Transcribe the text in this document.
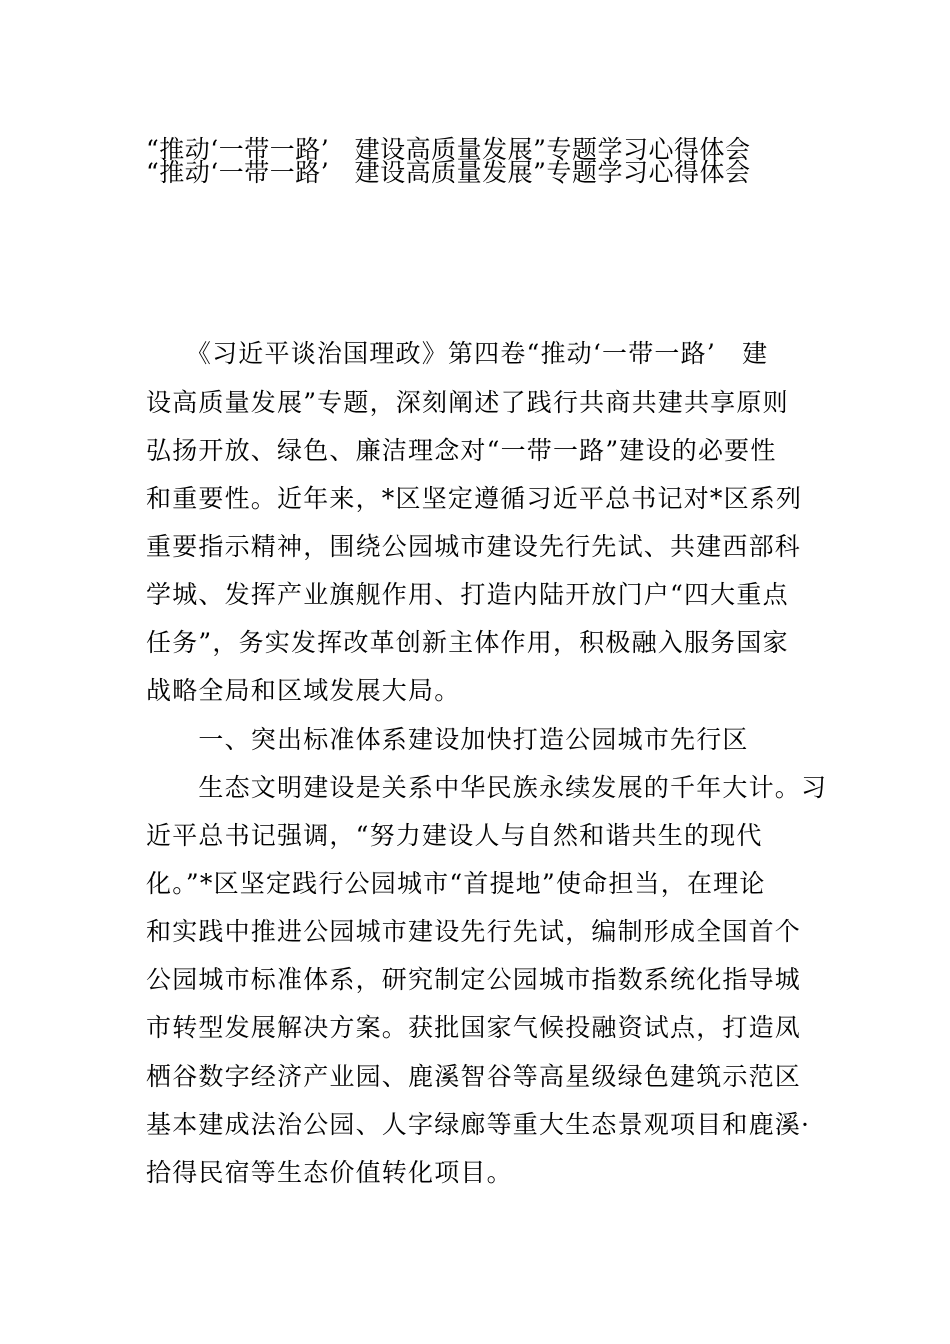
“推动‘一带一路’　建设高质量发展”专题学习心得体会
“推动‘一带一路’　建设高质量发展”专题学习心得体会
　　《习近平谈治国理政》第四卷“推动‘一带一路’　建
设高质量发展”专题，深刻阐述了践行共商共建共享原则
弘扬开放、绿色、廉洁理念对“一带一路”建设的必要性
和重要性。近年来，*区坚定遵循习近平总书记对*区系列
重要指示精神，围绕公园城市建设先行先试、共建西部科
学城、发挥产业旗舰作用、打造内陆开放门户“四大重点
任务”，务实发挥改革创新主体作用，积极融入服务国家
战略全局和区域发展大局。
　　一、突出标准体系建设加快打造公园城市先行区
　　生态文明建设是关系中华民族永续发展的千年大计。习
近平总书记强调，“努力建设人与自然和谐共生的现代
化。”*区坚定践行公园城市“首提地”使命担当，在理论
和实践中推进公园城市建设先行先试，编制形成全国首个
公园城市标准体系，研究制定公园城市指数系统化指导城
市转型发展解决方案。获批国家气候投融资试点，打造凤
栖谷数字经济产业园、鹿溪智谷等高星级绿色建筑示范区
基本建成法治公园、人字绿廊等重大生态景观项目和鹿溪·
拾得民宿等生态价值转化项目。
